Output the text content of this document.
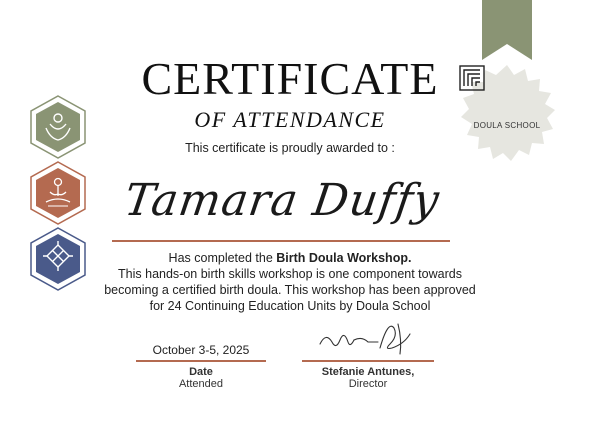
DOULA SCHOOL
CERTIFICATE
OF ATTENDANCE
This certificate is proudly awarded to :
Tamara Duffy
Has completed the Birth Doula Workshop.
This hands-on birth skills workshop is one component towards
becoming a certified birth doula. This workshop has been approved
for 24 Continuing Education Units by Doula School
October 3-5, 2025
Date
Attended
Stefanie Antunes,
Director
